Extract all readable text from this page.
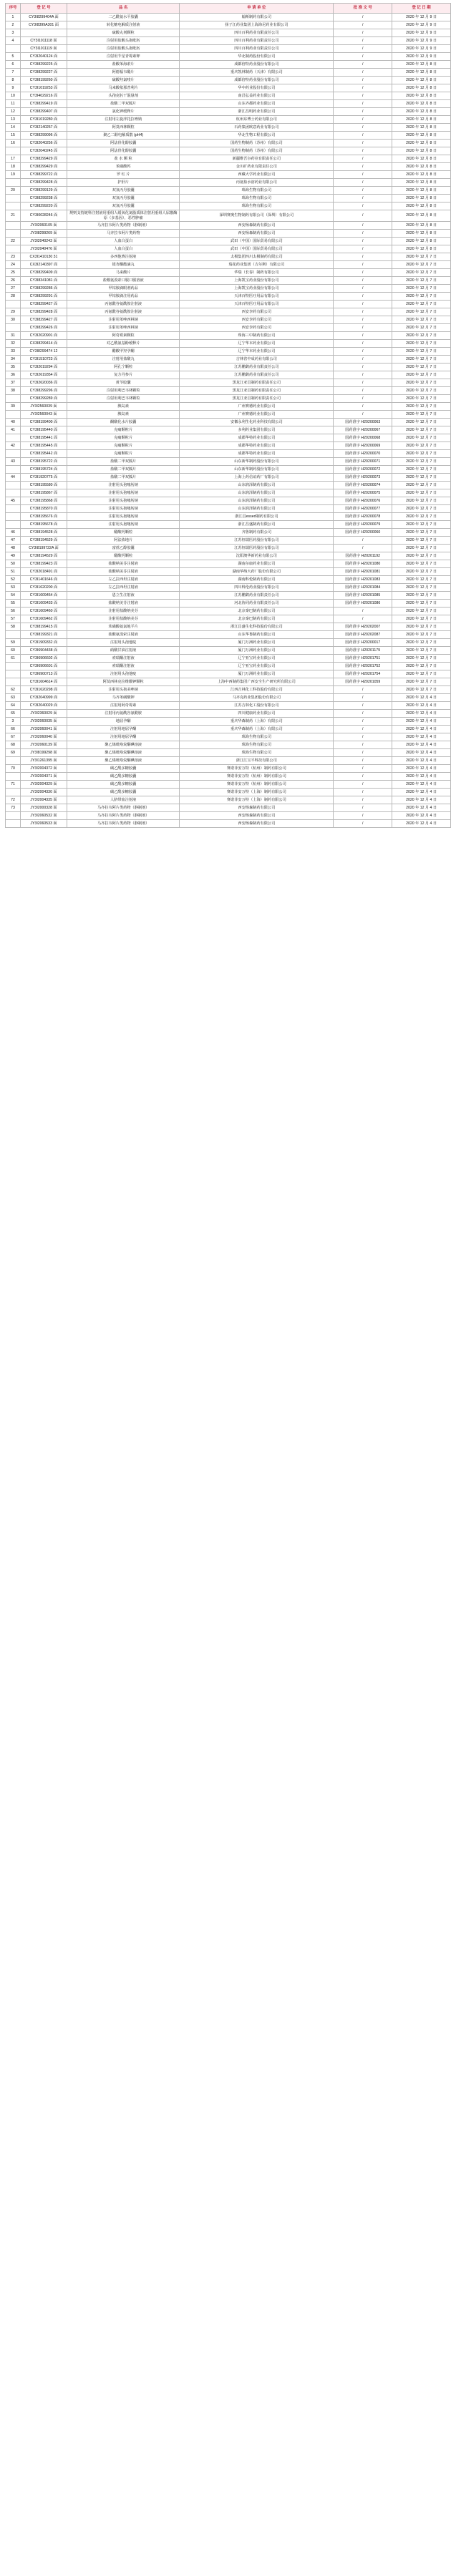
序号	登 记 号	品 名	申 请 单 位	批 准 文 号	登 记 日 期
1	CY3I8299404A 面	二乙酰氨水平胶囊	翰斯制药有限公司	/	2020 年 12 月 9 日
2	CY3I8399A301 面	转化糖电解质注射液	扬子江药业集团上海海尼药业有限公司	/	2020 年 12 月 9 日
3		硫酸丸剂颗粒	四川百利药业有限责任公司	/	2020 年 12 月 9 日
4	CY3I1011118 面	注射用盐酸头孢吡肟	四川百利药业有限责任公司	/	2020 年 12 月 9 日
	CY3I1011119 面	注射用盐酸头孢吡肟	四川百利药业有限责任公司	/	2020 年 12 月 9 日
5	CY3I2040124 面	注射用苄星青霉素钾	华北制药股份有限公司	/	2020 年 12 月 9 日
6	CY3I8299225 面	盐酸苯海索片	成都倍特药业股份有限公司	/	2020 年 12 月 8 日
7	CY3I8299227 面	阿德福韦酯片	重庆凯林制药（天津）有限公司	/	2020 年 12 月 8 日
8	CY3I8199260 面	硫酸羟氯喹片	成都倍特药业股份有限公司	/	2020 年 12 月 8 日
9	CY3I1019253 面	马来酸依那普利片	华中药业股份有限公司	/	2020 年 12 月 8 日
10	CY3I4029216 面	头孢克肟干混悬剂	南昌弘益药业有限公司	/	2020 年 12 月 8 日
11	CY3I8299419 面	盐酸二甲双胍片	山东齐都药业有限公司	/	2020 年 12 月 8 日
12	CY3I8299407 面	氯化钾缓释片	浙江昌明药业有限公司	/	2020 年 12 月 8 日
13	CY3I1019280 面	注射用左旋泮托拉唑钠	杭州东博士药业有限公司	/	2020 年 12 月 8 日
14	CY3I2140257 面	阿莫西林颗粒	石药集团欧意药业有限公司	/	2020 年 12 月 8 日
15	CY3I8299096 面	聚乙二醇电解质散 (pH4)	华北生物工程有限公司	/	2020 年 12 月 8 日
16	CY3I2040256 面	阿法骨化醇胶囊	国药生物制药（苏州）有限公司	/	2020 年 12 月 8 日
	CY3I2040245 面	阿法骨化醇胶囊	国药生物制药（苏州）有限公司	/	2020 年 12 月 8 日
17	CY3I8299429 面	盐 水 颗 粒	新疆维吾尔药业有限责任公司	/	2020 年 12 月 8 日
18	CY3I8299429 面	苯磺酸钙	金川矿药业有限责任公司	/	2020 年 12 月 8 日
19	CY3I8299722 面	罗 红 片	西藏大学药业有限公司	/	2020 年 12 月 8 日
	CY3I8299428 面	护肝片	丙氨盐水溶药业有限公司	/	2020 年 12 月 8 日
20	CY3I8299129 面	双氢丙丹胶囊	珠海生物有限公司	/	2020 年 12 月 8 日
	CY3I8299238 面	双氢丙丹胶囊	珠海生物有限公司	/	2020 年 12 月 8 日
	CY3I8299220 面	双氢丙丹胶囊	珠海生物有限公司	/	2020 年 12 月 8 日
21	CY3I0028246 面	规则支持链科注射液用重组人缓氧化氮脂质体注射用重组人尿激酶原（多基因），恶性肿瘤	深圳赛奥生物制药有限公司（深圳）有限公司	/	2020 年 12 月 8 日
	JY3I2060105 面	马齐拉韦阿片类药物（静制剂）	西安杨森制药有限公司	/	2020 年 12 月 8 日
	JY3I8299269 面	马齐拉韦阿片类药物	西安杨森制药有限公司	/	2020 年 12 月 8 日
22	JY3I2040243 面	人血白蛋白	武田（中国）国际贸易有限公司	/	2020 年 12 月 8 日
	JY3I2040476 面	人血白蛋白	武田（中国）国际贸易有限公司	/	2020 年 12 月 8 日
23	CX3I1410130 31	多西他赛注射液	太极集团四川太极制药有限公司	/	2020 年 12 月 7 日
24	CX3I2140397 面	银杏酮酯滴丸	瑞花药业集团（吉尔斯）有限公司	/	2020 年 12 月 7 日
25	CY3I8299409 面	马来酸片	华瑞（长春）制药有限公司	/	2020 年 12 月 7 日
26	CY3I8341081 面	盐酸氨溴索口服口服溶液	上海凯宝药业股份有限公司	/	2020 年 12 月 7 日
27	CY3I8299286 面	甲钴胺滴眼剂药品	上海凯宝药业股份有限公司	/	2020 年 12 月 7 日
28	CY3I8299291 面	甲钴胺滴注用药品	天津百特医疗用品有限公司	/	2020 年 12 月 7 日
	CY3I8299427 面	丙氨酰谷氨酰胺注射液	天津百特医疗用品有限公司	/	2020 年 12 月 7 日
29	CY3I8299428 面	丙氨酰谷氨酰胺注射液	西安李药有限公司	/	2020 年 12 月 7 日
30	CY3I8299427 面	注射用苯唑西林钠	西安李药有限公司	/	2020 年 12 月 7 日
	CY3I8299426 面	注射用苯唑西林钠	西安李药有限公司	/	2020 年 12 月 7 日
31	CY3I2020901 面	阿奇霉素颗粒	珠海三中制药有限公司	/	2020 年 12 月 7 日
32	CX3I8299414 面	对乙酰氨基酚缓释片	辽宁华本药业有限公司	/	2020 年 12 月 7 日
33	CY3I8299474 12	醋酸甲羟孕酮	辽宁华本药业有限公司	/	2020 年 12 月 7 日
34	CY3I1510723 面	注射用盐酸丸	吉林省中成药业有限公司	/	2020 年 12 月 7 日
35	CY3I2019294 面	阿孔宁颗粒	江苏鹏鹞药业有限责任公司	/	2020 年 12 月 7 日
36	CY3I2619354 面	复方丹参片	江苏鹏鹞药业有限责任公司	/	2020 年 12 月 7 日
37	CY3I2620036 面	黄苓胶囊	黑龙江亚昌制药有限责任公司	/	2020 年 12 月 7 日
38	CY3I8299296 面	注射用利巴韦林颗粒	黑龙江亚昌制药有限责任公司	/	2020 年 12 月 7 日
	CY3I8299289 面	注射用利巴韦林颗粒	黑龙江亚昌制药有限责任公司	/	2020 年 12 月 7 日
39	JY3I2560039 面	胰岛素	广州赛德药业有限公司	/	2020 年 12 月 7 日
	JY3I2560043 面	胰岛素	广州赛德药业有限公司	/	2020 年 12 月 7 日
40	CY3I8199400 面	酮酸化水片胶囊	安徽永利生化药业科技有限公司	国药准字 H20200063	2020 年 12 月 7 日
41	CY3I8195440 面	克痛颗粒片	多利药业集团有限公司	国药准字 H20200067	2020 年 12 月 7 日
	CY3I8195441 面	克痛颗粒片	成都华特药业有限公司	国药准字 H20200068	2020 年 12 月 7 日
42	CY3I8195445 面	克痛颗粒片	成都华特药业有限公司	国药准字 H20200069	2020 年 12 月 7 日
	CY3I8195442 面	克痛颗粒片	成都华特药业有限公司	国药准字 H20200070	2020 年 12 月 7 日
43	CY3I8195722 面	盐酸二甲双胍片	山东新华制药股份有限公司	国药准字 H20200071	2020 年 12 月 7 日
	CY3I8195724 面	盐酸二甲双胍片	山东新华制药股份有限公司	国药准字 H20200072	2020 年 12 月 7 日
44	CY3I1920775 面	盐酸二甲双胍片	上海上药信谊药厂有限公司	国药准字 H20200073	2020 年 12 月 7 日
	CY3I8195580 面	注射用头孢噻肟钠	山东润泽制药有限公司	国药准字 H20200074	2020 年 12 月 7 日
	CY3I8195867 面	注射用头孢噻肟钠	山东润泽制药有限公司	国药准字 H20200075	2020 年 12 月 7 日
45	CY3I8195868 面	注射用头孢噻肟钠	山东润泽制药有限公司	国药准字 H20200076	2020 年 12 月 7 日
	CY3I8195870 面	注射用头孢噻肟钠	山东润泽制药有限公司	国药准字 H20200077	2020 年 12 月 7 日
	CY3I8195676 面	注射用头孢噻肟钠	浙江昌essed制药有限公司	国药准字 H20200078	2020 年 12 月 7 日
	CY3I8195678 面	注射用头孢噻肟钠	浙江昌盛制药有限公司	国药准字 H20200079	2020 年 12 月 7 日
46	CY3I8194528 面	醋酸钙颗粒	齐鲁制药有限公司	国药准字 H20200060	2020 年 12 月 7 日
47	CY3I8194529 面	阿法依地片	江苏恒瑞医药股份有限公司	/	2020 年 12 月 7 日
48	CY3I8199722A 面	富蔗乙醇胶囊	江苏恒瑞医药股份有限公司	/	2020 年 12 月 7 日
49	CY3I8194529 面	醋酸钙颗粒	沈阳澳华新药业有限公司	国药准字 H20201192	2020 年 12 月 7 日
50	CY3I8199423 面	盐酸纳美芬注射液	湖南尔康药业有限公司	国药准字 H20201080	2020 年 12 月 7 日
51	CY3I2018491 面	盐酸纳美芬注射液	湖南华纳大药厂股份有限公司	国药准字 H20201081	2020 年 12 月 7 日
52	CY3I1401646 面	左乙拉西坦注射液	湖南科伦制药有限公司	国药准字 H20201083	2020 年 12 月 7 日
53	CY3I1620200 面	左乙拉西坦注射液	四川科伦药业股份有限公司	国药准字 H20201084	2020 年 12 月 7 日
54	CY3I1609454 面	恩立生注射液	江苏鹏鹞药业有限责任公司	国药准字 H20201085	2020 年 12 月 7 日
55	CY3I1609433 面	盐酸纳美芬注射液	河北协同药业有限责任公司	国药准字 H20201086	2020 年 12 月 7 日
56	CY3I1609460 面	注射用盐酸纳美芬	北京秦巴制药有限公司	/	2020 年 12 月 7 日
57	CY3I1609462 面	注射用盐酸纳美芬	北京秦巴制药有限公司	/	2020 年 12 月 7 日
58	CY3I8199415 面	苯磺酸氨氯地平片	浙江昌盛生化科技股份有限公司	国药准字 H20202007	2020 年 12 月 7 日
	CY3I8199321 面	盐酸氨溴索注射液	山东华鲁制药有限公司	国药准字 H20202087	2020 年 12 月 7 日
59	CY3I1909332 面	注射用头孢他啶	厦门万洲药业有限公司	国药准字 H20200017	2020 年 12 月 7 日
60	CY3I6904438 面	硝酸甘油注射液	厦门万洲药业有限公司	国药准字 H20201179	2020 年 12 月 7 日
61	CY3I6906602 面	索瑞酮注射液	辽宁亚宝药业有限公司	国药准字 H20201751	2020 年 12 月 7 日
	CY3I6906601 面	索瑞酮注射液	辽宁亚宝药业有限公司	国药准字 H20201752	2020 年 12 月 7 日
	CY3I6900713 面	注射用头孢他啶	厦门万洲药业有限公司	国药准字 H20201754	2020 年 12 月 7 日
	CY3I1604614 面	阿莫西林克拉维酸钾颗粒	上海中西制药集团广西安全生产研究所有限公司	国药准字 H20201059	2020 年 12 月 7 日
62	CY3I1620298 面	注射用头孢美唑钠	江西吉林化工科技股份有限公司	/	2020 年 12 月 7 日
63	CY3I2040999 面	马齐苯磺酸钾	马齐克药业集团股份有限公司	/	2020 年 12 月 4 日
64	CY3I2040029 面	注射用阿奇霉素	江苏吉林化工股份有限公司	/	2020 年 12 月 4 日
65	JY3I2360029 面	注射用丙氨酰谷氨酰胺	四川健康药业有限公司	/	2020 年 12 月 4 日
3	JY3I2060035 面	地屈孕酮	重庆华森制药（上海）有限公司	/	2020 年 12 月 4 日
66	JY3I2060041 面	注射用地屈孕酮	重庆华森制药（上海）有限公司	/	2020 年 12 月 4 日
67	JY3I2060040 面	注射用地屈孕酮	珠海生物有限公司	/	2020 年 12 月 4 日
68	JY3I2060139 面	聚乙烯吡咯烷酮碘溶液	珠海生物有限公司	/	2020 年 12 月 4 日
69	JY3I8199298 面	聚乙烯吡咯烷酮碘溶液	珠海生物有限公司	/	2020 年 12 月 4 日
	JY3I1261395 面	聚乙烯吡咯烷酮碘溶液	浙江江宝平科技有限公司	/	2020 年 12 月 4 日
70	JY3I2004372 面	磺乙酰多糖胶囊	赛诺菲安万特（杭州）制药有限公司	/	2020 年 12 月 4 日
	JY3I2004371 面	磺乙酰多糖胶囊	赛诺菲安万特（杭州）制药有限公司	/	2020 年 12 月 4 日
71	JY3I2004329 面	磺乙酰多糖胶囊	赛诺菲安万特（杭州）制药有限公司	/	2020 年 12 月 4 日
	JY3I2004330 面	磺乙酰多糖胶囊	赛诺菲安万特（上海）制药有限公司	/	2020 年 12 月 4 日
72	JY3I2004335 面	人脐带血注射液	赛诺菲安万特（上海）制药有限公司	/	2020 年 12 月 4 日
73	JY3I2000328 面	马齐拉韦阿片类药物（静制剂）	西安杨森制药有限公司	/	2020 年 12 月 4 日
	JY3I2060532 面	马齐拉韦阿片类药物（静制剂）	西安杨森制药有限公司	/	2020 年 12 月 4 日
	JY3I2060533 面	马齐拉韦阿片类药物（静制剂）	西安杨森制药有限公司	/	2020 年 12 月 4 日
